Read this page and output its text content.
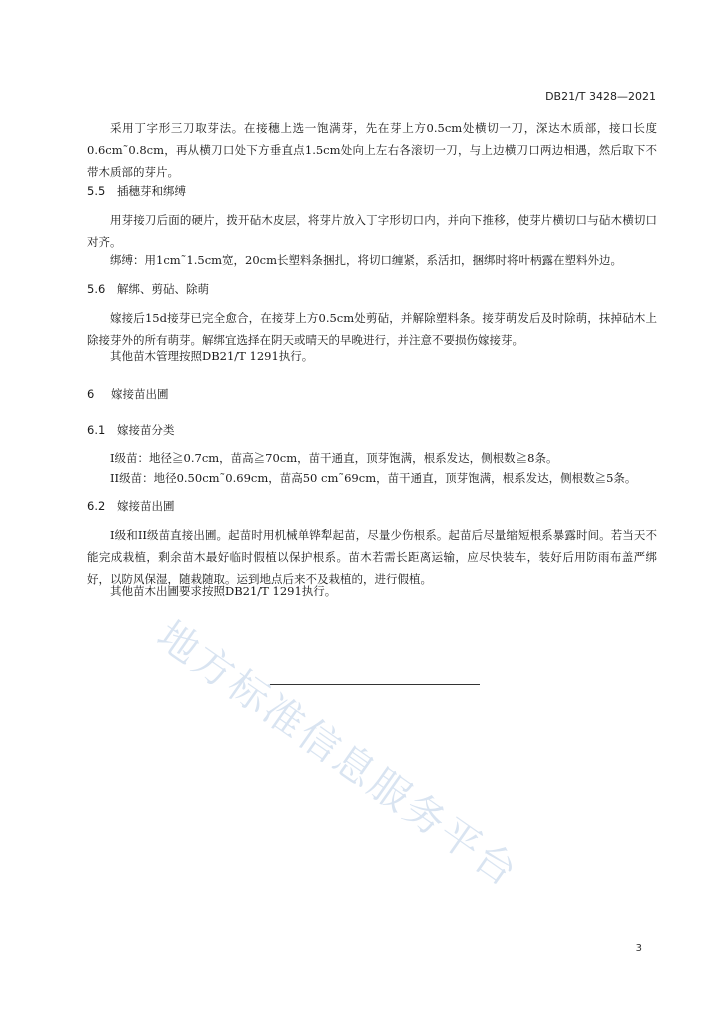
DB21/T 3428—2021

采用丁字形三刀取芽法。在接穗上选一饱满芽，先在芽上方0.5cm处横切一刀，深达木质部，接口长度0.6cm˜0.8cm，再从横刀口处下方垂直点1.5cm处向上左右各滚切一刀，与上边横刀口两边相遇，然后取下不带木质部的芽片。

5.5 插穗芽和绑缚

用芽接刀后面的硬片，拨开砧木皮层，将芽片放入丁字形切口内，并向下推移，使芽片横切口与砧木横切口对齐。

绑缚：用1cm˜1.5cm宽，20cm长塑料条捆扎，将切口缠紧，系活扣，捆绑时将叶柄露在塑料外边。

5.6 解绑、剪砧、除萌

嫁接后15d接芽已完全愈合，在接芽上方0.5cm处剪砧，并解除塑料条。接芽萌发后及时除萌，抹掉砧木上除接芽外的所有萌芽。解绑宜选择在阴天或晴天的早晚进行，并注意不要损伤嫁接芽。

其他苗木管理按照DB21/T 1291执行。

6 嫁接苗出圃
6.1 嫁接苗分类

I级苗：地径≧0.7cm，苗高≧70cm，苗干通直，顶芽饱满，根系发达，侧根数≧8条。

II级苗：地径0.50cm˜0.69cm，苗高50 cm˜69cm，苗干通直，顶芽饱满，根系发达，侧根数≧5条。

6.2 嫁接苗出圃

I级和II级苗直接出圃。起苗时用机械单铧犁起苗，尽量少伤根系。起苗后尽量缩短根系暴露时间。若当天不能完成栽植，剩余苗木最好临时假植以保护根系。苗木若需长距离运输，应尽快装车，装好后用防雨布盖严绑好，以防风保湿，随栽随取。运到地点后来不及栽植的，进行假植。

其他苗木出圃要求按照DB21/T 1291执行。

地方标准信息服务平台
3
